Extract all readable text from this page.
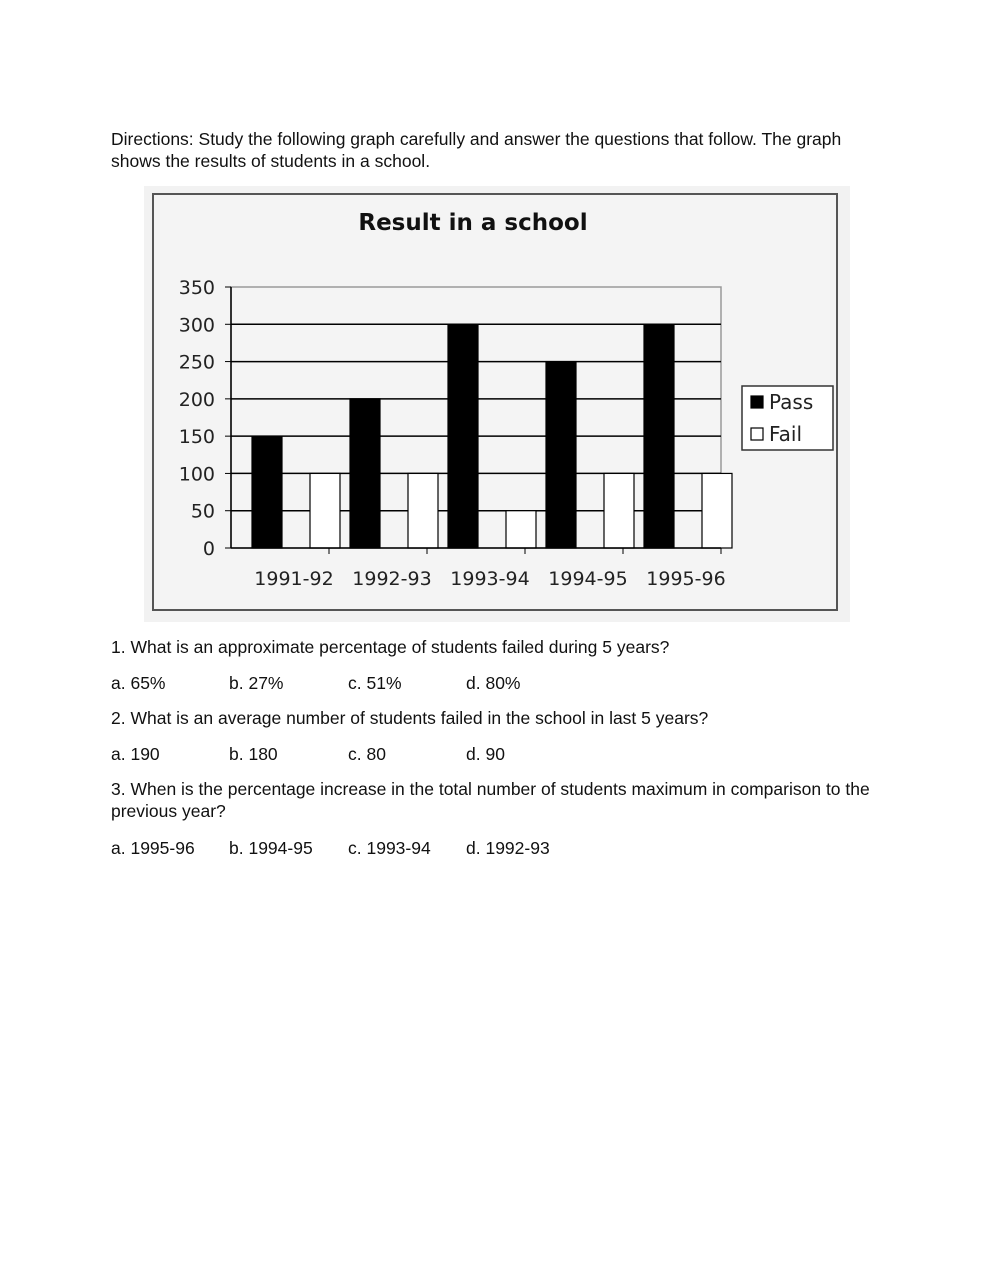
Directions: Study the following graph carefully and answer the questions that follow. The graph shows the results of students in a school.

Result in a school
0
50
100
150
200
250
300
350
1991-92 1992-93 1993-94 1994-95 1995-96
Pass
Fail

1. What is an approximate percentage of students failed during 5 years?

a. 65%	b. 27%	c. 51%	d. 80%

2. What is an average number of students failed in the school in last 5 years?

a. 190	b. 180	c. 80	d. 90

3. When is the percentage increase in the total number of students maximum in comparison to the previous year?

a. 1995-96 b. 1994-95 c. 1993-94 d. 1992-93
